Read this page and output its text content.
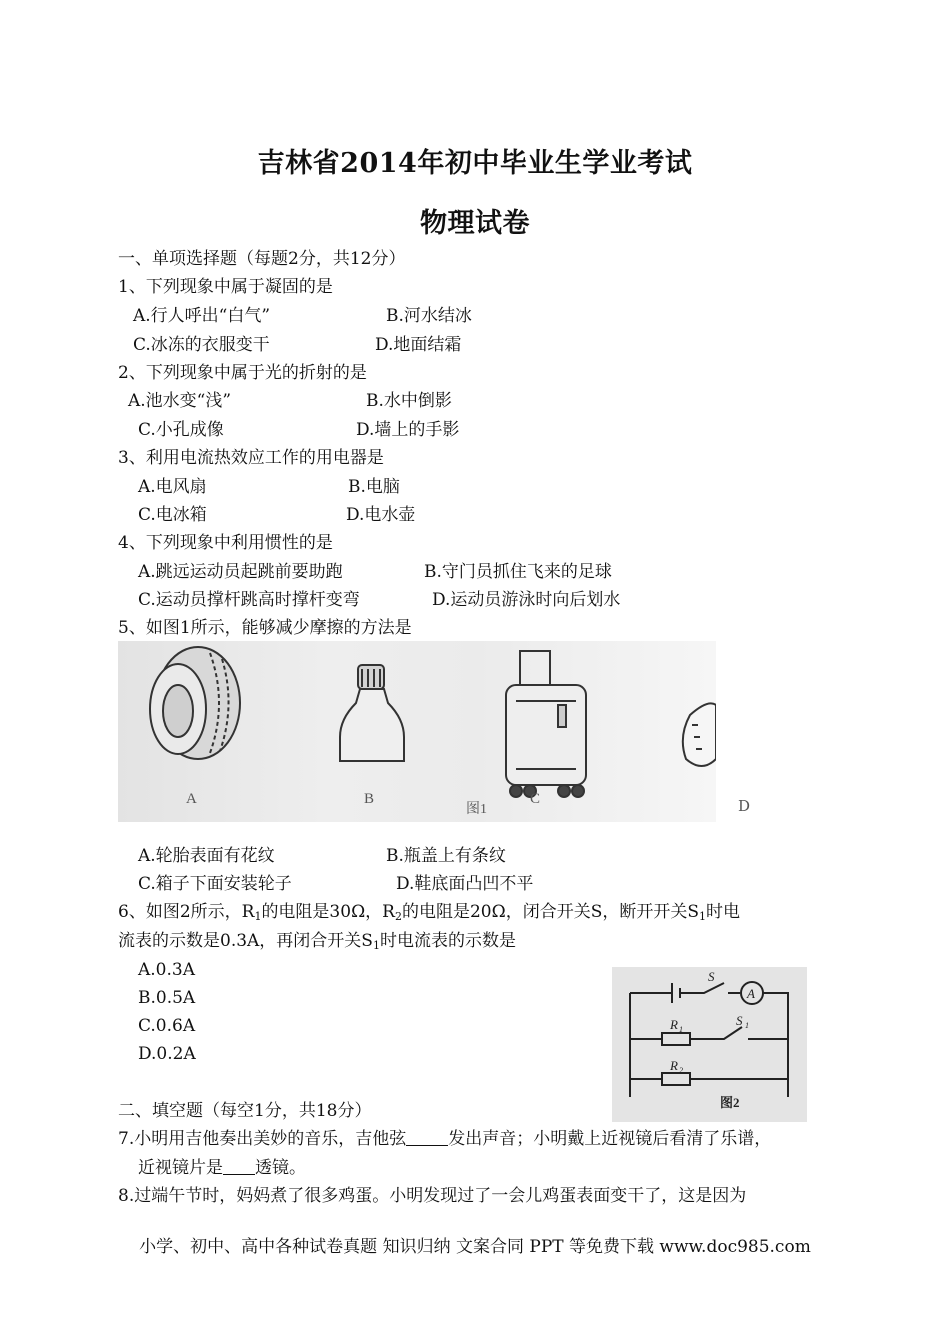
吉林省2014年初中毕业生学业考试
物理试卷
一、单项选择题（每题2分，共12分）
1、下列现象中属于凝固的是
A.行人呼出“白气”	B.河水结冰
C.冰冻的衣服变干	D.地面结霜
2、下列现象中属于光的折射的是
A.池水变“浅”	B.水中倒影
C.小孔成像	D.墙上的手影
3、利用电流热效应工作的用电器是
A.电风扇	B.电脑
C.电冰箱	D.电水壶
4、下列现象中利用惯性的是
A.跳远运动员起跳前要助跑	B.守门员抓住飞来的足球
C.运动员撑杆跳高时撑杆变弯	D.运动员游泳时向后划水
5、如图1所示，能够减少摩擦的方法是
A	B	C
图1	D
A.轮胎表面有花纹	B.瓶盖上有条纹
C.箱子下面安装轮子	D.鞋底面凸凹不平
6、如图2所示，$R_1$的电阻是30Ω，$R_2$的电阻是20Ω，闭合开关S，断开开关$S_1$时电
流表的示数是0.3A，再闭合开关$S_1$时电流表的示数是
A.0.3A
B.0.5A
C.0.6A
D.0.2A
S
S 1
R 1
R 2
A
图2
二、填空题（每空1分，共18分）
7.小明用吉他奏出美妙的音乐，吉他弦 发出声音；小明戴上近视镜后看清了乐谱，
近视镜片是 透镜。
8.过端午节时，妈妈煮了很多鸡蛋。小明发现过了一会儿鸡蛋表面变干了，这是因为
小学、初中、高中各种试卷真题 知识归纳 文案合同 PPT 等免费下载 www.doc985.com
